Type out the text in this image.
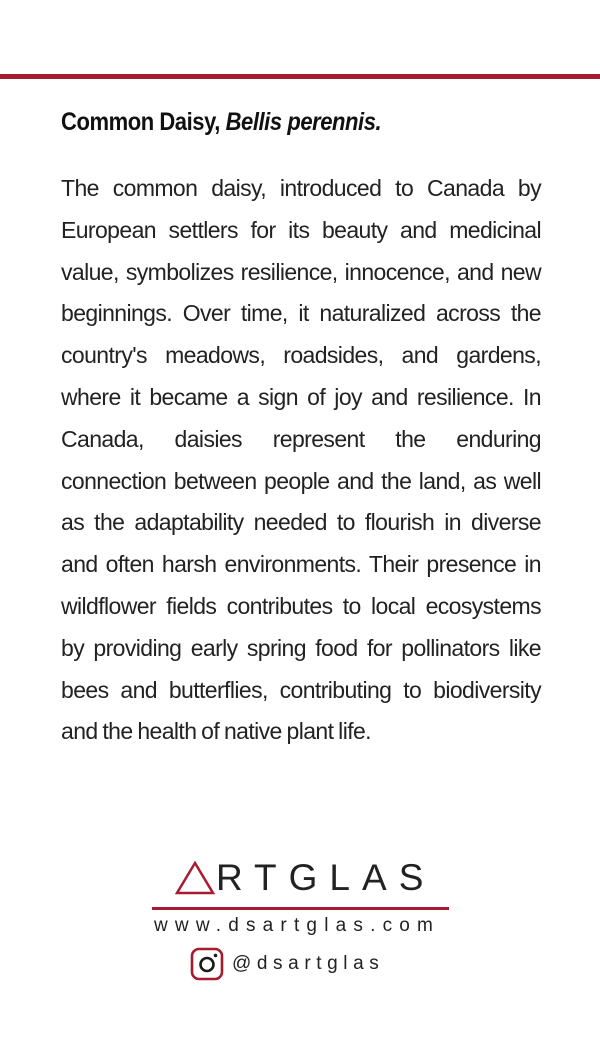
Common Daisy, Bellis perennis.

The common daisy, introduced to Canada by European settlers for its beauty and medicinal value, symbolizes resilience, innocence, and new beginnings. Over time, it naturalized across the country's meadows, roadsides, and gardens, where it became a sign of joy and resilience. In Canada, daisies represent the enduring connection between people and the land, as well as the adaptability needed to flourish in diverse and often harsh environments. Their presence in wildflower fields contributes to local ecosystems by providing early spring food for pollinators like bees and butterflies, contributing to biodiversity and the health of native plant life.

RTGLAS
www.dsartglas.com
@dsartglas
